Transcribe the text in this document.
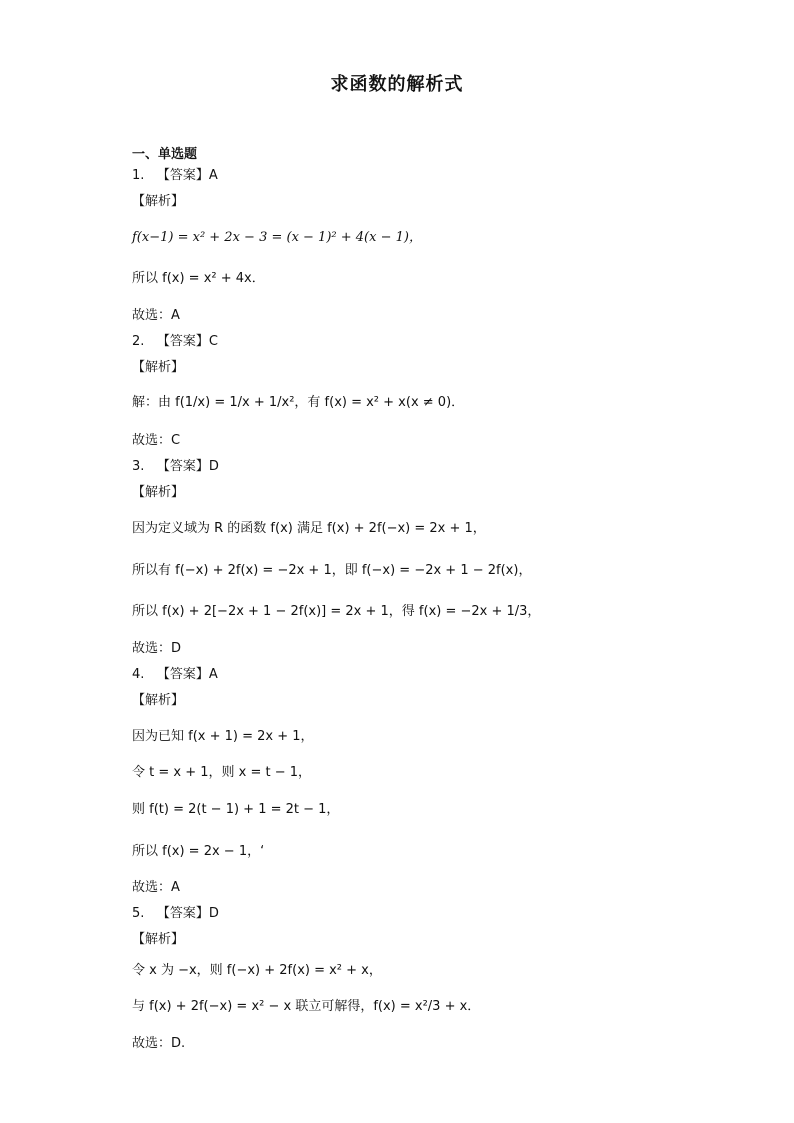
求函数的解析式
一、单选题
1. 【答案】A
【解析】
f(x−1) = x² + 2x − 3 = (x − 1)² + 4(x − 1)，
所以 f(x) = x² + 4x．
故选：A
2. 【答案】C
【解析】
解：由 f(1/x) = 1/x + 1/x²，有 f(x) = x² + x(x ≠ 0)．
故选：C
3. 【答案】D
【解析】
因为定义域为 R 的函数 f(x) 满足 f(x) + 2f(−x) = 2x + 1，
所以有 f(−x) + 2f(x) = −2x + 1，即 f(−x) = −2x + 1 − 2f(x)，
所以 f(x) + 2[−2x + 1 − 2f(x)] = 2x + 1，得 f(x) = −2x + 1/3，
故选：D
4. 【答案】A
【解析】
因为已知 f(x + 1) = 2x + 1，
令 t = x + 1，则 x = t − 1，
则 f(t) = 2(t − 1) + 1 = 2t − 1，
所以 f(x) = 2x − 1，‘
故选：A
5. 【答案】D
【解析】
令 x 为 −x，则 f(−x) + 2f(x) = x² + x，
与 f(x) + 2f(−x) = x² − x 联立可解得，f(x) = x²/3 + x．
故选：D.
